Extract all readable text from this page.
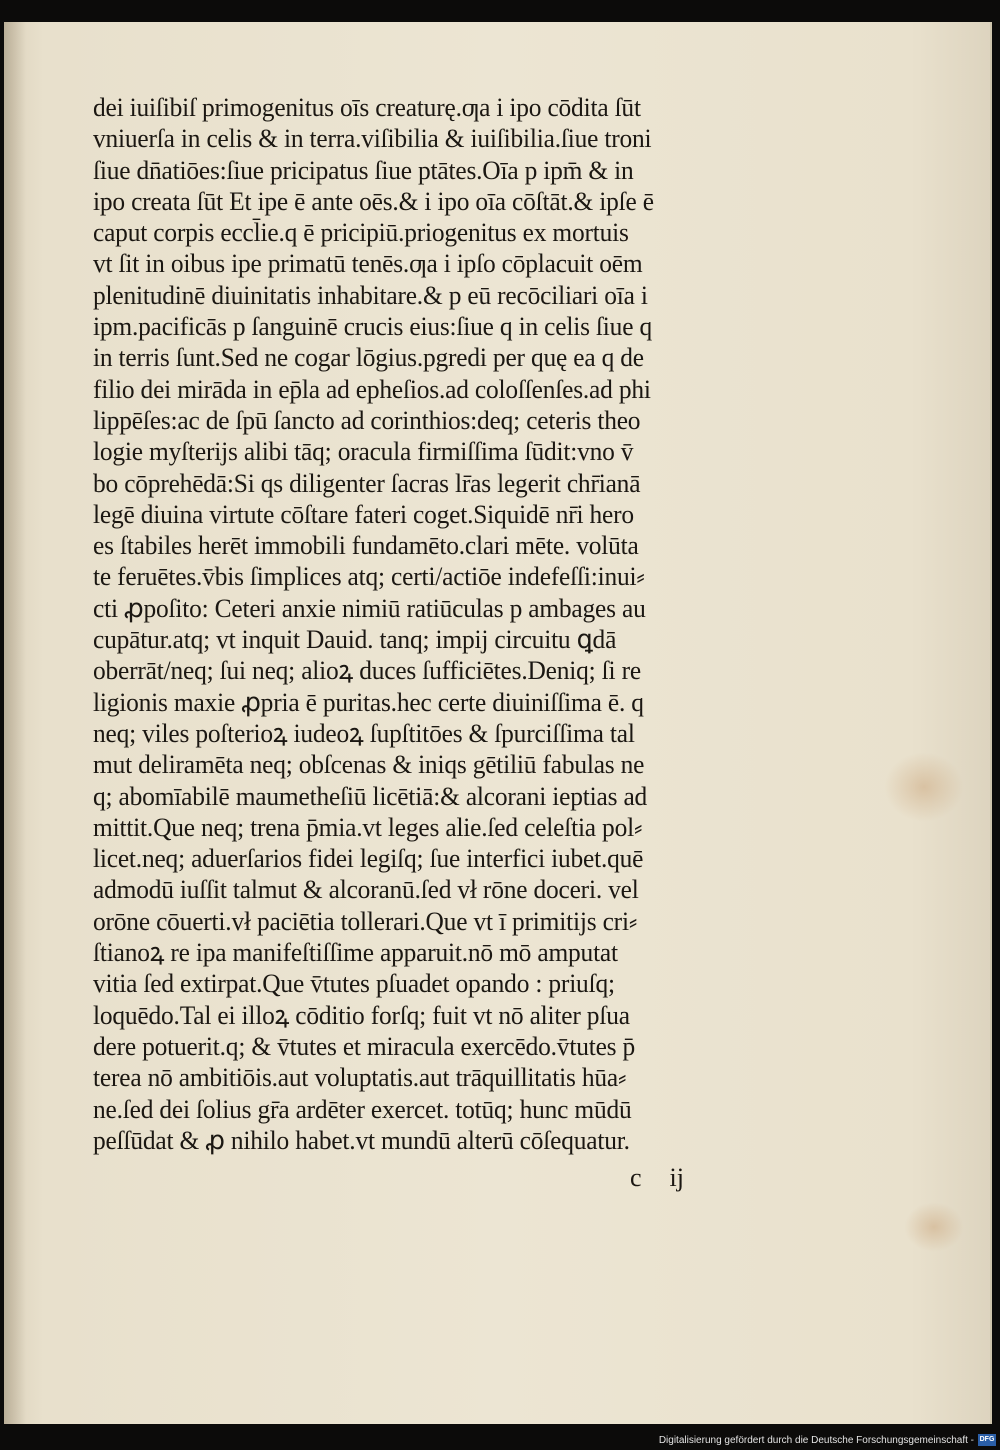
dei iuiſibiſ primogenitus oīs creaturę.ƣa i ipo cōdita ſūt
vniuerſa in celis & in terra.viſibilia & iuiſibilia.ſiue troni
ſiue dn̄atiōes:ſiue pricipatus ſiue ptātes.Oīa p ipm̄ & in
ipo creata ſūt Et ipe ē ante oēs.& i ipo oīa cōſtāt.& ipſe ē
caput corpis eccl̄ie.q ē pricipiū.priogenitus ex mortuis
vt ſit in oibus ipe primatū tenēs.ƣa i ipſo cōplacuit oēm
plenitudinē diuinitatis inhabitare.& p eū recōciliari oīa i
ipm.pacificās p ſanguinē crucis eius:ſiue q in celis ſiue q
in terris ſunt.Sed ne cogar lōgius.pgredi per quę ea q de
filio dei mirāda in ep̄la ad epheſios.ad coloſſenſes.ad phi
lippēſes:ac de ſpū ſancto ad corinthios:deq; ceteris theo
logie myſterijs alibi tāq; oracula firmiſſima ſūdit:vno v̄
bo cōprehēdā:Si qs diligenter ſacras lr̄as legerit chr̄ianā
legē diuina virtute cōſtare fateri coget.Siquidē nr̄i hero
es ſtabiles herēt immobili fundamēto.clari mēte. volūta
te feruētes.v̄bis ſimplices atq; certi/actiōe indefeſſi:inui⸗
cti ꝓpoſito: Ceteri anxie nimiū ratiūculas p ambages au
cupātur.atq; vt inquit Dauid. tanq; impij circuitu ꝗdā
oberrāt/neq; ſui neq; alioꝝ duces ſufficiētes.Deniq; ſi re
ligionis maxie ꝓpria ē puritas.hec certe diuiniſſima ē. q
neq; viles poſterioꝝ iudeoꝝ ſupſtitōes & ſpurciſſima tal
mut deliramēta neq; obſcenas & iniqs gētiliū fabulas ne
q; abomīabilē maumetheſiū licētiā:& alcorani ieptias ad
mittit.Que neq; trena p̄mia.vt leges alie.ſed celeſtia pol⸗
licet.neq; aduerſarios fidei legiſq; ſue interfici iubet.quē
admodū iuſſit talmut & alcoranū.ſed vł rōne doceri. vel
orōne cōuerti.vł paciētia tollerari.Que vt ī primitijs cri⸗
ſtianoꝝ re ipa manifeſtiſſime apparuit.nō mō amputat
vitia ſed extirpat.Que v̄tutes pſuadet opando : priuſq;
loquēdo.Tal ei illoꝝ cōditio forſq; fuit vt nō aliter pſua
dere potuerit.q; & v̄tutes et miracula exercēdo.v̄tutes p̄
terea nō ambitiōis.aut voluptatis.aut trāquillitatis hūa⸗
ne.ſed dei ſolius gr̄a ardēter exercet. totūq; hunc mūdū
peſſūdat & ꝓ nihilo habet.vt mundū alterū cōſequatur.
c ij
Digitalisierung gefördert durch die Deutsche Forschungsgemeinschaft - DFG
